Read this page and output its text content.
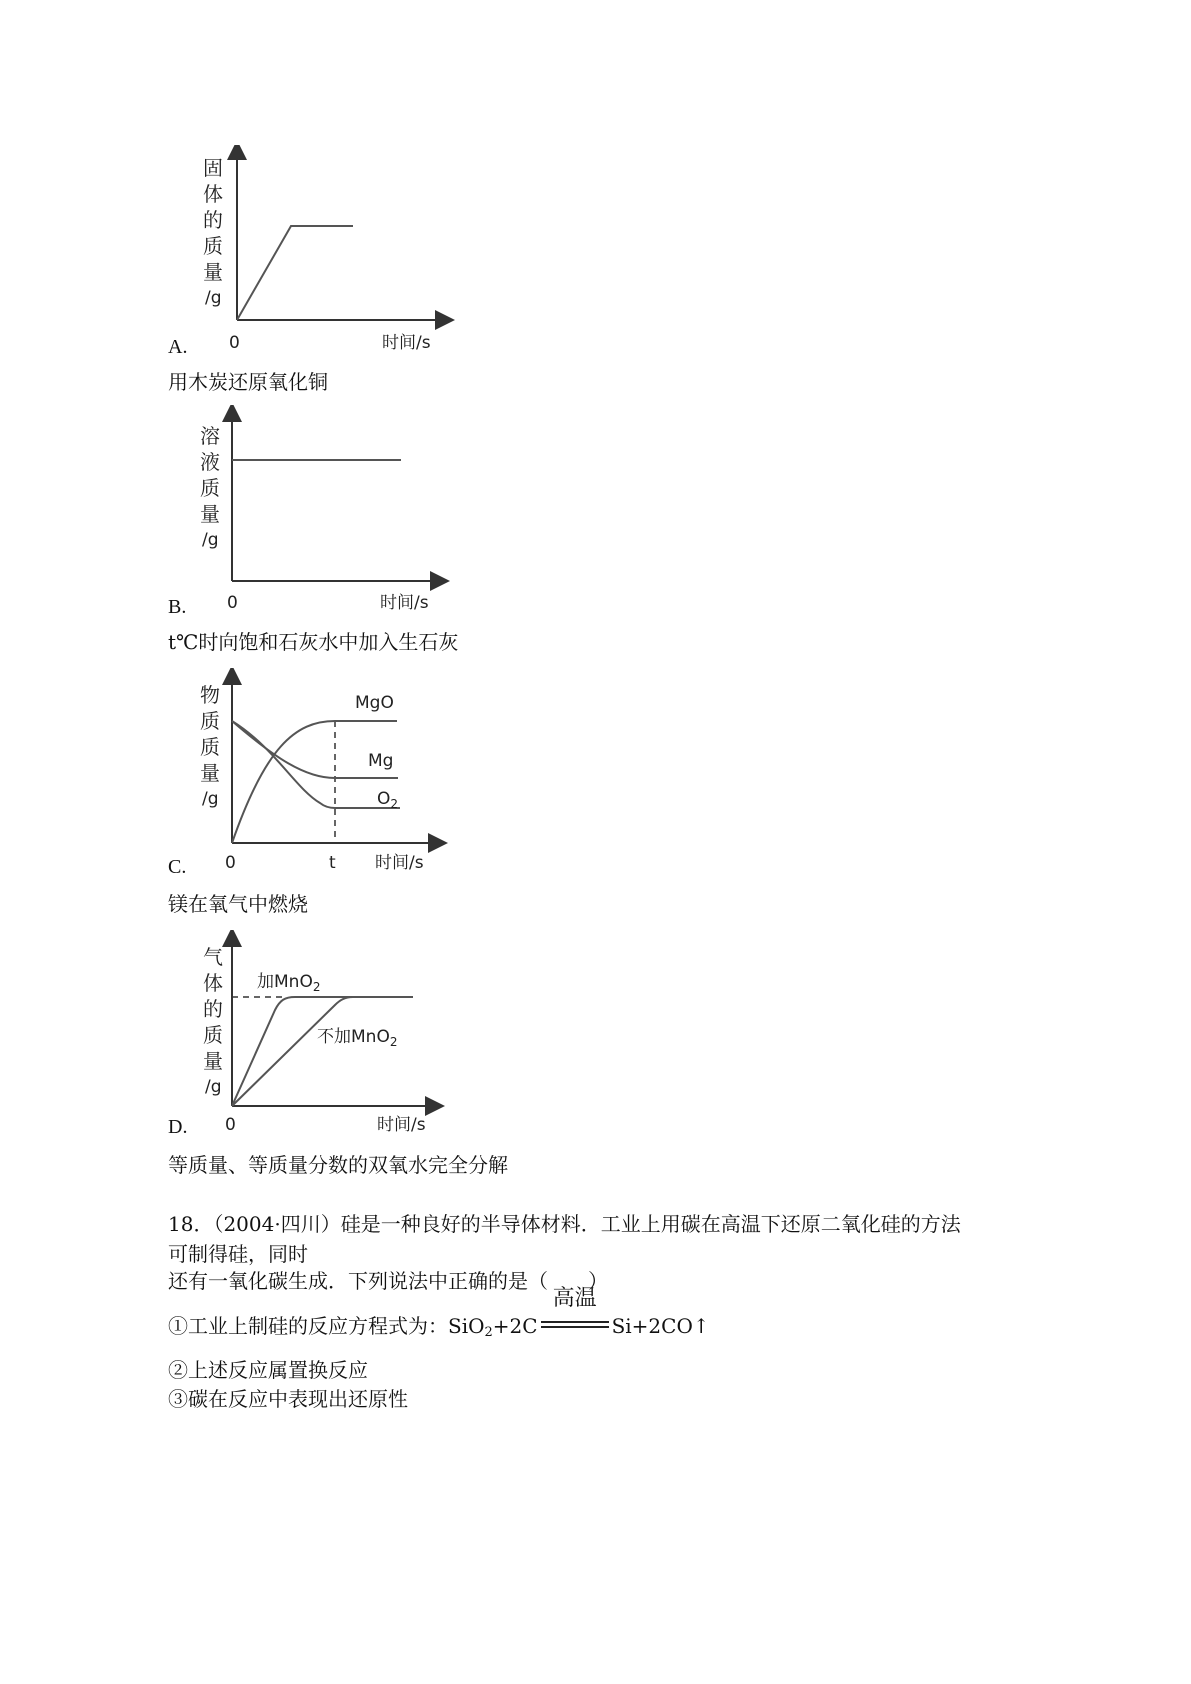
固
体
的
质
量
/g
0	时间/s
A.
用木炭还原氧化铜
溶
液
质
量
/g
0	时间/s
B.
t℃时向饱和石灰水中加入生石灰
物
质
质
量
/g
0	t 时间/s
MgO
Mg
$O_2$
C.
镁在氧气中燃烧
气
体
的
质
量
/g
0	时间/s
加MnO$_2$
不加MnO$_2$
D.
等质量、等质量分数的双氧水完全分解
18．（2004·四川）硅是一种良好的半导体材料．工业上用碳在高温下还原二氧化硅的方法
可制得硅，同时
还有一氧化碳生成．下列说法中正确的是（　　）
①工业上制硅的反应方程式为：SiO$_2$+2C
高温
Si+2CO↑
②上述反应属置换反应
③碳在反应中表现出还原性
